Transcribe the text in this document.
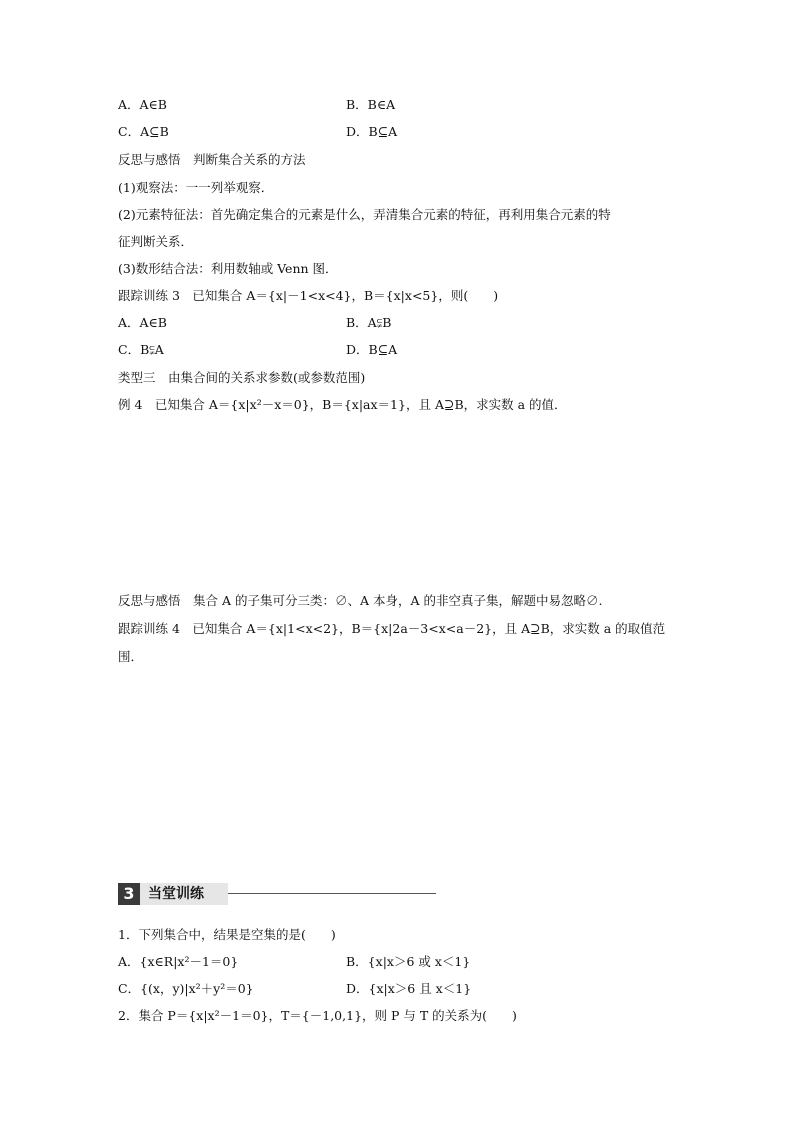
A．A∈B	B．B∈A
C．A⊆B	D．B⊆A
反思与感悟　判断集合关系的方法
(1)观察法：一一列举观察．
(2)元素特征法：首先确定集合的元素是什么，弄清集合元素的特征，再利用集合元素的特
征判断关系．
(3)数形结合法：利用数轴或 Venn 图．
跟踪训练 3　已知集合 A＝{x|－1<x<4}，B＝{x|x<5}，则(　　)
A．A∈B	B．A⫋B
C．B⫋A	D．B⊆A
类型三　由集合间的关系求参数(或参数范围)
例 4　已知集合 A＝{x|x²－x＝0}，B＝{x|ax＝1}，且 A⊇B，求实数 a 的值．
反思与感悟　集合 A 的子集可分三类：∅、A 本身，A 的非空真子集，解题中易忽略∅.
跟踪训练 4　已知集合 A＝{x|1<x<2}，B＝{x|2a－3<x<a－2}，且 A⊇B，求实数 a 的取值范
围．
3 当堂训练
1．下列集合中，结果是空集的是(　　)
A．{x∈R|x²－1＝0}	B．{x|x＞6 或 x＜1}
C．{(x，y)|x²＋y²＝0}	D．{x|x＞6 且 x＜1}
2．集合 P＝{x|x²－1＝0}，T＝{－1,0,1}，则 P 与 T 的关系为(　　)
